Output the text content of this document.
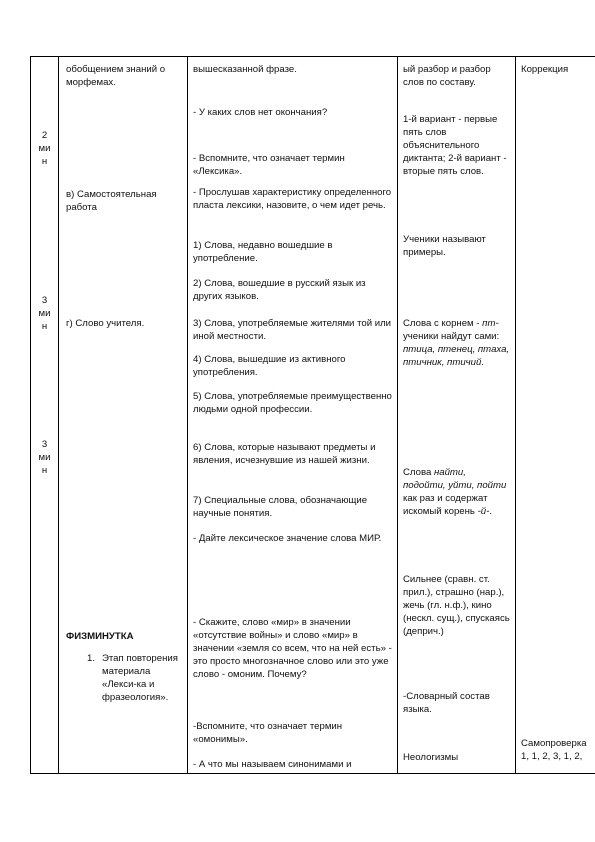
2
ми
н
3
ми
н
3
ми
н
обобщением знаний о морфемах.
в) Самостоятельная работа
г) Слово учителя.
ФИЗМИНУТКА
1. Этап повторения материала «Лекси-ка и фразеология».
вышесказанной фразе.
- У каких слов нет окончания?
- Вспомните, что означает термин «Лексика».
- Прослушав характеристику определенного пласта лексики, назовите, о чем идет речь.
1) Слова, недавно вошедшие в употребление.
2) Слова, вошедшие в русский язык из других языков.
3) Слова, употребляемые жителями той или иной местности.
4) Слова, вышедшие из активного употребления.
5) Слова, употребляемые преимущественно людьми одной профессии.
6) Слова, которые называют предметы и явления, исчезнувшие из нашей жизни.
7) Специальные слова, обозначающие научные понятия.
- Дайте лексическое значение слова МИР.
- Скажите, слово «мир» в значении «отсутствие войны» и слово «мир» в значении «земля со всем, что на ней есть» - это просто многозначное слово или это уже слово - омоним. Почему?
-Вспомните, что означает термин «омонимы».
- А что мы называем синонимами и
ый разбор и разбор слов по составу.
1-й вариант - первые пять слов объяснительного диктанта; 2-й вариант - вторые пять слов.
Ученики называют примеры.
Слова с корнем - пт- ученики найдут сами: птица, птенец, птаха, птичник, птичий.
Слова найти, подойти, уйти, пойти как раз и содержат искомый корень -й-.
Сильнее (сравн. ст. прил.), страшно (нар.), жечь (гл. н.ф.), кино (нескл. сущ.), спускаясь (деприч.)
-Словарный состав языка.
Неологизмы
Коррекция
Самопроверка
1, 1, 2, 3, 1, 2,
